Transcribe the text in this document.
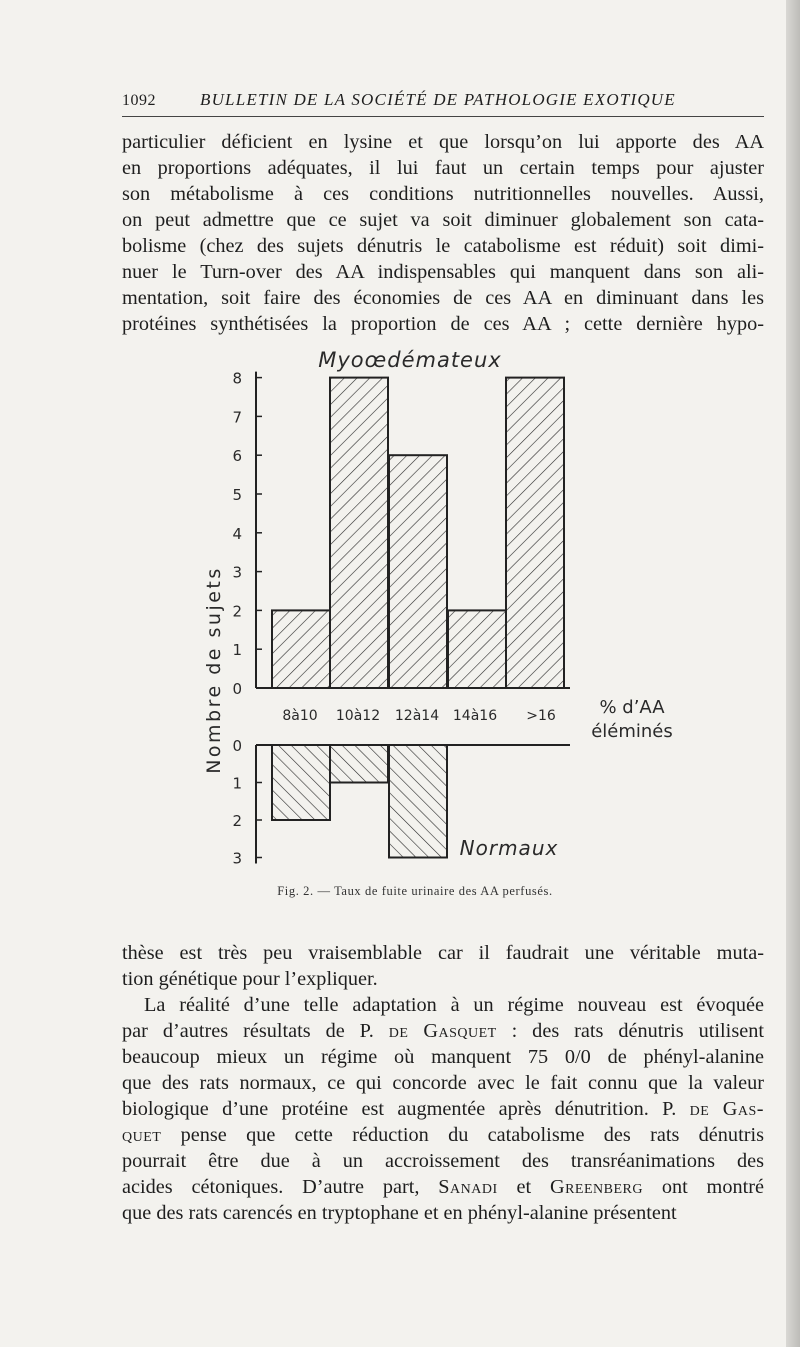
1092	BULLETIN DE LA SOCIÉTÉ DE PATHOLOGIE EXOTIQUE

particulier déficient en lysine et que lorsqu’on lui apporte des AA

en proportions adéquates, il lui faut un certain temps pour ajuster

son métabolisme à ces conditions nutritionnelles nouvelles. Aussi,

on peut admettre que ce sujet va soit diminuer globalement son cata-

bolisme (chez des sujets dénutris le catabolisme est réduit) soit dimi-

nuer le Turn-over des AA indispensables qui manquent dans son ali-

mentation, soit faire des économies de ces AA en diminuant dans les

protéines synthétisées la proportion de ces AA ; cette dernière hypo-

0
1
2
3
4
5
6
7
8
Myoœdémateux
8à10 10à12 12à14 14à16 >16 % d’AA
éléminés
0
1
2
3	Normaux
Nombre de sujets
Fig. 2. — Taux de fuite urinaire des AA perfusés.

thèse est très peu vraisemblable car il faudrait une véritable muta-

tion génétique pour l’expliquer.

La réalité d’une telle adaptation à un régime nouveau est évoquée

par d’autres résultats de P. de Gasquet : des rats dénutris utilisent

beaucoup mieux un régime où manquent 75 0/0 de phényl-alanine

que des rats normaux, ce qui concorde avec le fait connu que la valeur

biologique d’une protéine est augmentée après dénutrition. P. de Gas-

quet pense que cette réduction du catabolisme des rats dénutris

pourrait être due à un accroissement des transréanimations des

acides cétoniques. D’autre part, Sanadi et Greenberg ont montré

que des rats carencés en tryptophane et en phényl-alanine présentent
